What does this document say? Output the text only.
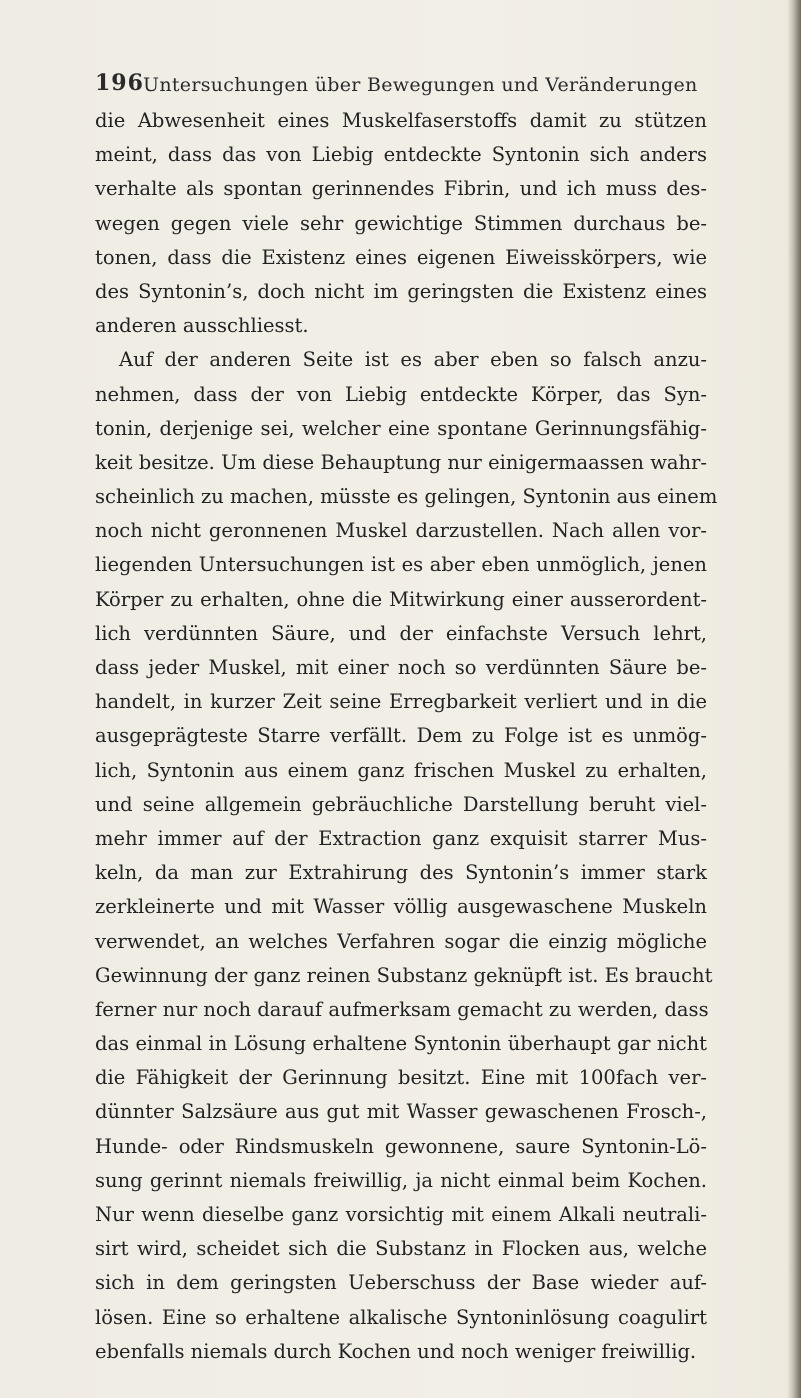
196 Untersuchungen über Bewegungen und Veränderungen
die Abwesenheit eines Muskelfaserstoffs damit zu stützen
meint, dass das von Liebig entdeckte Syntonin sich anders
verhalte als spontan gerinnendes Fibrin, und ich muss des-
wegen gegen viele sehr gewichtige Stimmen durchaus be-
tonen, dass die Existenz eines eigenen Eiweisskörpers, wie
des Syntonin’s, doch nicht im geringsten die Existenz eines
anderen ausschliesst.
Auf der anderen Seite ist es aber eben so falsch anzu-
nehmen, dass der von Liebig entdeckte Körper, das Syn-
tonin, derjenige sei, welcher eine spontane Gerinnungsfähig-
keit besitze. Um diese Behauptung nur einigermaassen wahr-
scheinlich zu machen, müsste es gelingen, Syntonin aus einem
noch nicht geronnenen Muskel darzustellen. Nach allen vor-
liegenden Untersuchungen ist es aber eben unmöglich, jenen
Körper zu erhalten, ohne die Mitwirkung einer ausserordent-
lich verdünnten Säure, und der einfachste Versuch lehrt,
dass jeder Muskel, mit einer noch so verdünnten Säure be-
handelt, in kurzer Zeit seine Erregbarkeit verliert und in die
ausgeprägteste Starre verfällt. Dem zu Folge ist es unmög-
lich, Syntonin aus einem ganz frischen Muskel zu erhalten,
und seine allgemein gebräuchliche Darstellung beruht viel-
mehr immer auf der Extraction ganz exquisit starrer Mus-
keln, da man zur Extrahirung des Syntonin’s immer stark
zerkleinerte und mit Wasser völlig ausgewaschene Muskeln
verwendet, an welches Verfahren sogar die einzig mögliche
Gewinnung der ganz reinen Substanz geknüpft ist. Es braucht
ferner nur noch darauf aufmerksam gemacht zu werden, dass
das einmal in Lösung erhaltene Syntonin überhaupt gar nicht
die Fähigkeit der Gerinnung besitzt. Eine mit 100fach ver-
dünnter Salzsäure aus gut mit Wasser gewaschenen Frosch-,
Hunde- oder Rindsmuskeln gewonnene, saure Syntonin-Lö-
sung gerinnt niemals freiwillig, ja nicht einmal beim Kochen.
Nur wenn dieselbe ganz vorsichtig mit einem Alkali neutrali-
sirt wird, scheidet sich die Substanz in Flocken aus, welche
sich in dem geringsten Ueberschuss der Base wieder auf-
lösen. Eine so erhaltene alkalische Syntoninlösung coagulirt
ebenfalls niemals durch Kochen und noch weniger freiwillig.
